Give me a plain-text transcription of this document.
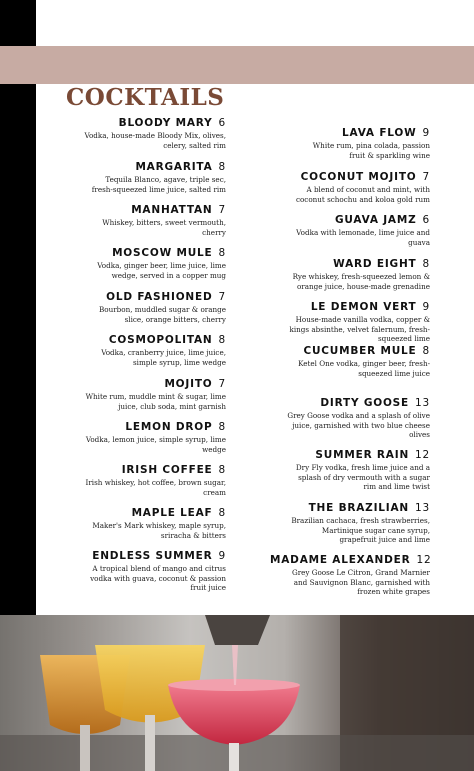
COCKTAILS
BLOODY MARY 6
Vodka, house-made Bloody Mix, olives,
celery, salted rim
MARGARITA 8
Tequila Blanco, agave, triple sec,
fresh-squeezed lime juice, salted rim
MANHATTAN 7
Whiskey, bitters, sweet vermouth,
cherry
MOSCOW MULE 8
Vodka, ginger beer, lime juice, lime
wedge, served in a copper mug
OLD FASHIONED 7
Bourbon, muddled sugar & orange
slice, orange bitters, cherry
COSMOPOLITAN 8
Vodka, cranberry juice, lime juice,
simple syrup, lime wedge
MOJITO 7
White rum, muddle mint & sugar, lime
juice, club soda, mint garnish
LEMON DROP 8
Vodka, lemon juice, simple syrup, lime
wedge
IRISH COFFEE 8
Irish whiskey, hot coffee, brown sugar,
cream
MAPLE LEAF 8
Maker's Mark whiskey, maple syrup,
sriracha & bitters
ENDLESS SUMMER 9
A tropical blend of mango and citrus
vodka with guava, coconut & passion
fruit juice
LAVA FLOW 9
White rum, pina colada, passion
fruit & sparkling wine
COCONUT MOJITO 7
A blend of coconut and mint, with
coconut schochu and koloa gold rum
GUAVA JAMZ 6
Vodka with lemonade, lime juice and
guava
WARD EIGHT 8
Rye whiskey, fresh-squeezed lemon &
orange juice, house-made grenadine
LE DEMON VERT 9
House-made vanilla vodka, copper &
kings absinthe, velvet falernum, fresh-
squeezed lime
CUCUMBER MULE 8
Ketel One vodka, ginger beer, fresh-
squeezed lime juice
DIRTY GOOSE 13
Grey Goose vodka and a splash of olive
juice, garnished with two blue cheese
olives
SUMMER RAIN 12
Dry Fly vodka, fresh lime juice and a
splash of dry vermouth with a sugar
rim and lime twist
THE BRAZILIAN 13
Brazilian cachaca, fresh strawberries,
Martinique sugar cane syrup,
grapefruit juice and lime
MADAME ALEXANDER 12
Grey Goose Le Citron, Grand Marnier
and Sauvignon Blanc, garnished with
frozen white grapes
